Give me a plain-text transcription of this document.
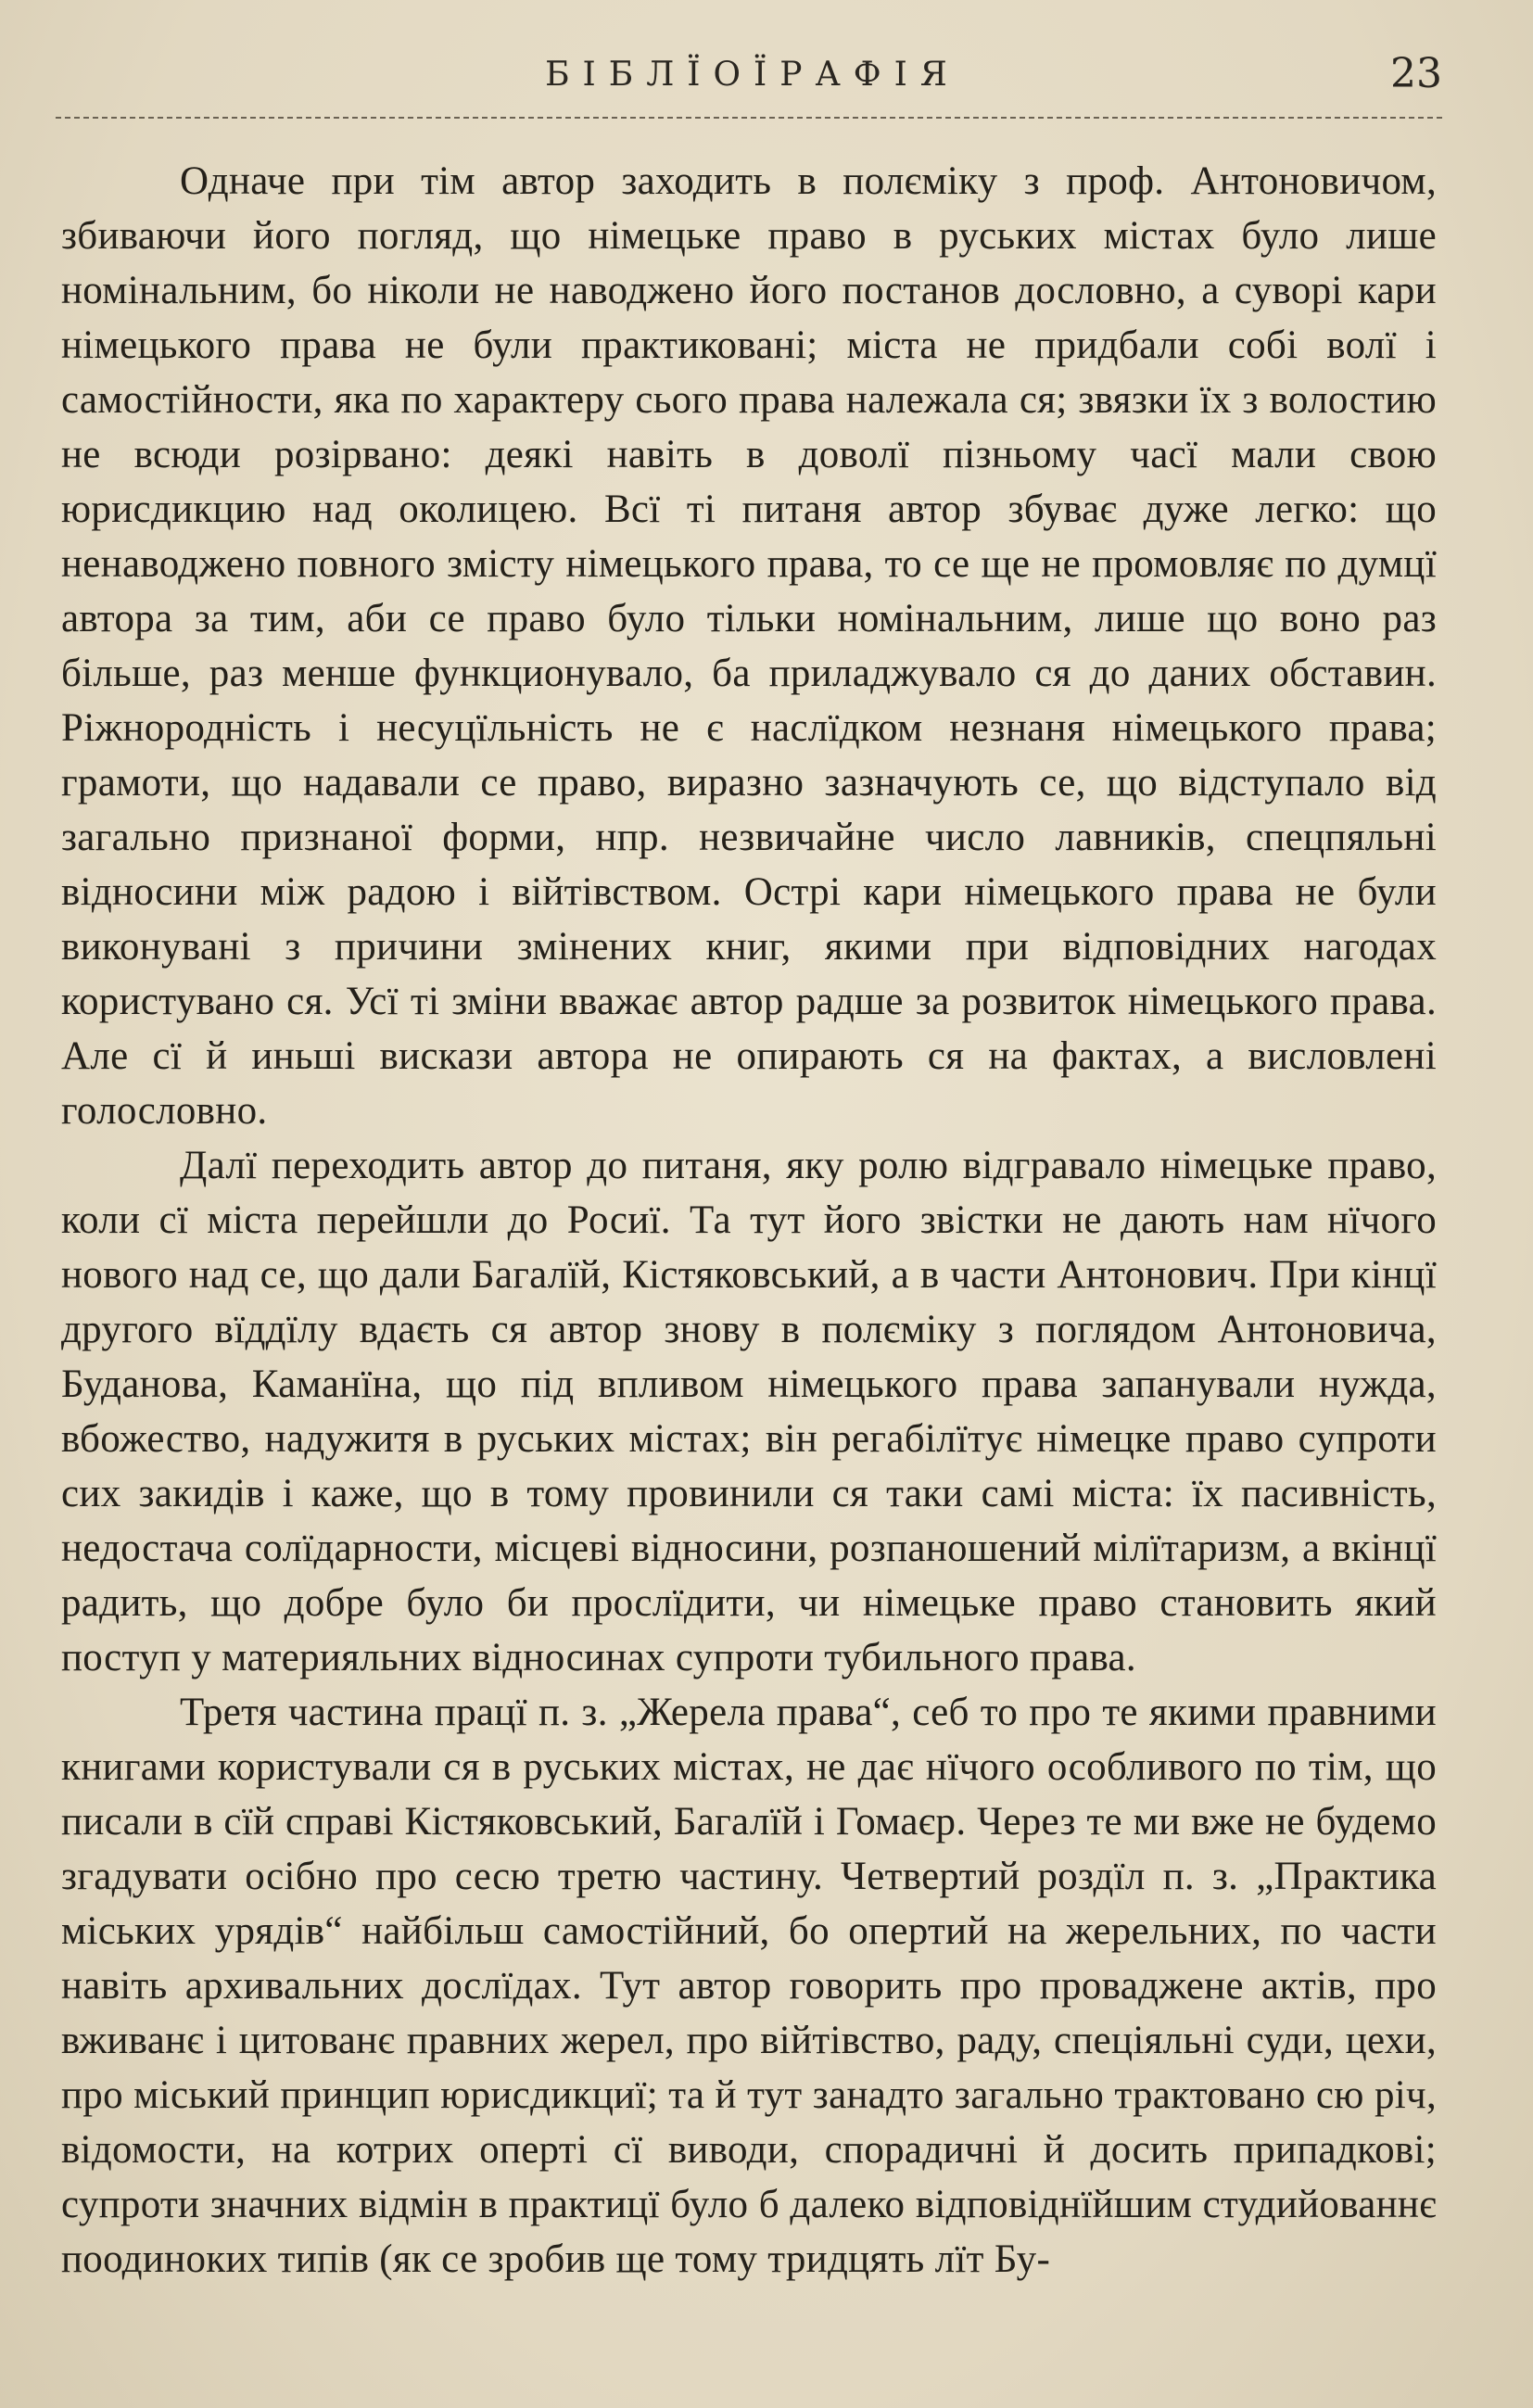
БІБЛЇОЇРАФІЯ	23

Одначе при тім автор заходить в полєміку з проф. Антоновичом, збиваючи його погляд, що німецьке право в руських містах було лише номінальним, бо ніколи не наводжено його постанов дословно, а суворі кари німецького права не були практиковані; міста не придбали собі волї і самостійности, яка по характеру сього права належала ся; звязки їх з волостию не всюди розірвано: деякі навіть в доволї пізньому часї мали свою юрисдикцию над околицею. Всї ті питаня автор збуває дуже легко: що ненаводжено повного змісту німецького права, то се ще не промовляє по думцї автора за тим, аби се право було тільки номінальним, лише що воно раз більше, раз менше функционувало, ба приладжувало ся до даних обставин. Ріжнородність і несуцїльність не є наслїдком незнаня німецького права; грамоти, що надавали се право, виразно зазначують се, що відступало від загально признаної форми, нпр. незвичайне число лавників, спецпяльні відносини між радою і війтівством. Острі кари німецького права не були виконувані з причини змінених книг, якими при відповідних нагодах користувано ся. Усї ті зміни вважає автор радше за розвиток німецького права. Але сї й иньші вискази автора не опирають ся на фактах, а висловлені голословно.

Далї переходить автор до питаня, яку ролю відгравало німецьке право, коли сї міста перейшли до Росиї. Та тут його звістки не дають нам нїчого нового над се, що дали Багалїй, Кістяковський, а в части Антонович. При кінцї другого вїддїлу вдаєть ся автор знову в полєміку з поглядом Антоновича, Буданова, Каманїна, що під впливом німецького права запанували нужда, вбожество, надужитя в руських містах; він регабілїтує німецке право супроти сих закидів і каже, що в тому провинили ся таки самі міста: їх пасивність, недостача солїдарности, місцеві відносини, розпаношений мілїтаризм, а вкінцї радить, що добре було би прослїдити, чи німецьке право становить який поступ у материяльних відносинах супроти тубильного права.

Третя частина працї п. з. „Жерела права“, себ то про те якими правними книгами користували ся в руських містах, не дає нїчого особливого по тім, що писали в сїй справі Кістяковський, Багалїй і Гомаєр. Через те ми вже не будемо згадувати осібно про сесю третю частину. Четвертий роздїл п. з. „Практика міських урядів“ найбільш самостійний, бо опертий на жерельних, по части навіть архивальних дослїдах. Тут автор говорить про проваджене актів, про вживанє і цитованє правних жерел, про війтівство, раду, спецiяльні суди, цехи, про міський принцип юрисдикциї; та й тут занадто загально трактовано сю річ, відомости, на котрих оперті сї виводи, спорадичні й досить припадкові; супроти значних відмін в практицї було б далеко відповіднїйшим студийованнє поодиноких типів (як се зробив ще тому тридцять лїт Бу-
